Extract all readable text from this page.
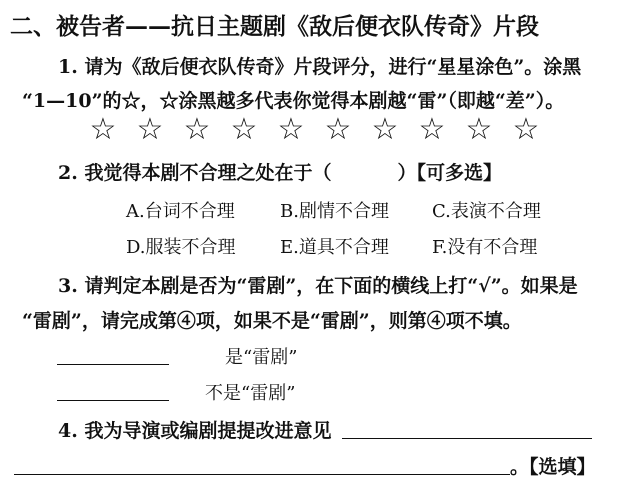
二、被告者——抗日主题剧《敌后便衣队传奇》片段
1. 请为《敌后便衣队传奇》片段评分，进行“星星涂色”。涂黑
“1—10”的☆，☆涂黑越多代表你觉得本剧越“雷”（即越“差”）。
☆ ☆ ☆ ☆ ☆ ☆ ☆ ☆ ☆ ☆
2. 我觉得本剧不合理之处在于（	）【可多选】
A.台词不合理	B.剧情不合理 C.表演不合理
D.服装不合理 E.道具不合理 F.没有不合理
3. 请判定本剧是否为“雷剧”，在下面的横线上打“√”。如果是
“雷剧”，请完成第④项，如果不是“雷剧”，则第④项不填。
是“雷剧”
不是“雷剧”
4. 我为导演或编剧提提改进意见
。【选填】
